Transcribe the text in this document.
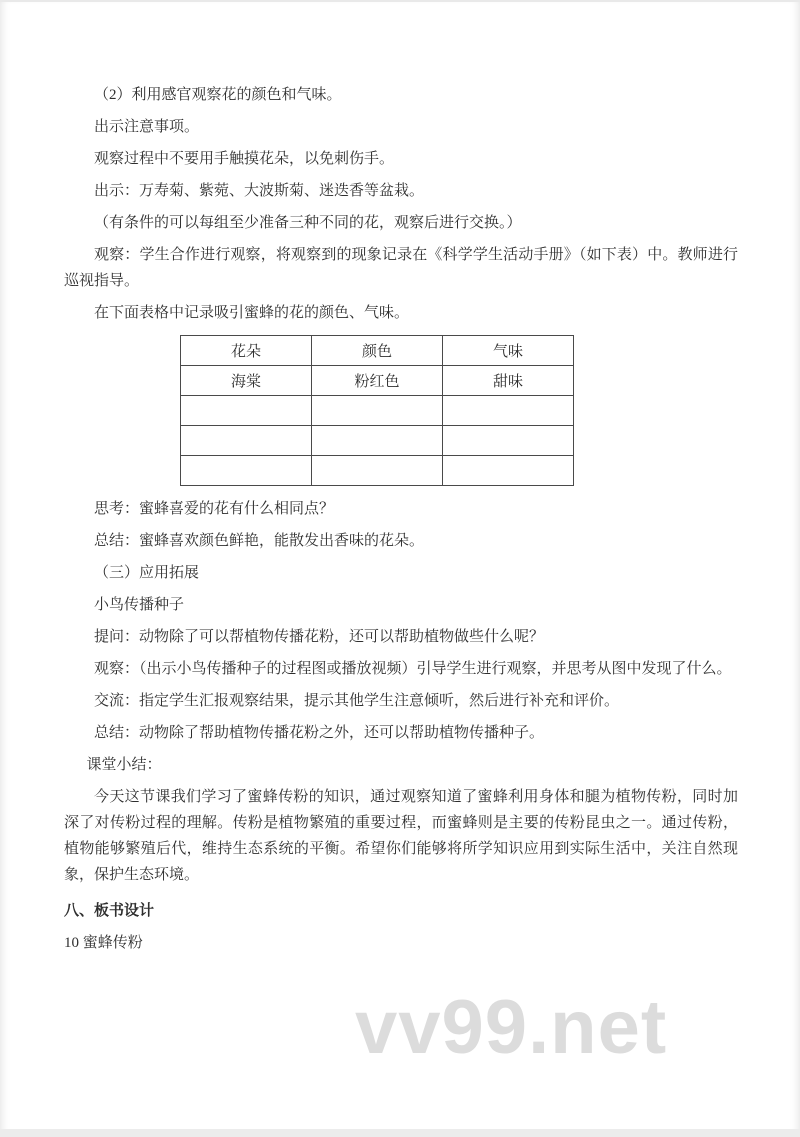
（2）利用感官观察花的颜色和气味。

出示注意事项。

观察过程中不要用手触摸花朵，以免刺伤手。

出示：万寿菊、紫菀、大波斯菊、迷迭香等盆栽。

（有条件的可以每组至少准备三种不同的花，观察后进行交换。）

观察：学生合作进行观察，将观察到的现象记录在《科学学生活动手册》（如下表）中。教师进行巡视指导。

在下面表格中记录吸引蜜蜂的花的颜色、气味。

花朵	颜色	气味
海棠	粉红色	甜味

思考：蜜蜂喜爱的花有什么相同点？

总结：蜜蜂喜欢颜色鲜艳，能散发出香味的花朵。

（三）应用拓展

小鸟传播种子

提问：动物除了可以帮植物传播花粉，还可以帮助植物做些什么呢？

观察：（出示小鸟传播种子的过程图或播放视频）引导学生进行观察，并思考从图中发现了什么。

交流：指定学生汇报观察结果，提示其他学生注意倾听，然后进行补充和评价。

总结：动物除了帮助植物传播花粉之外，还可以帮助植物传播种子。

课堂小结：

今天这节课我们学习了蜜蜂传粉的知识，通过观察知道了蜜蜂利用身体和腿为植物传粉，同时加深了对传粉过程的理解。传粉是植物繁殖的重要过程，而蜜蜂则是主要的传粉昆虫之一。通过传粉，植物能够繁殖后代，维持生态系统的平衡。希望你们能够将所学知识应用到实际生活中，关注自然现象，保护生态环境。

八、板书设计

10 蜜蜂传粉

vv99.net
